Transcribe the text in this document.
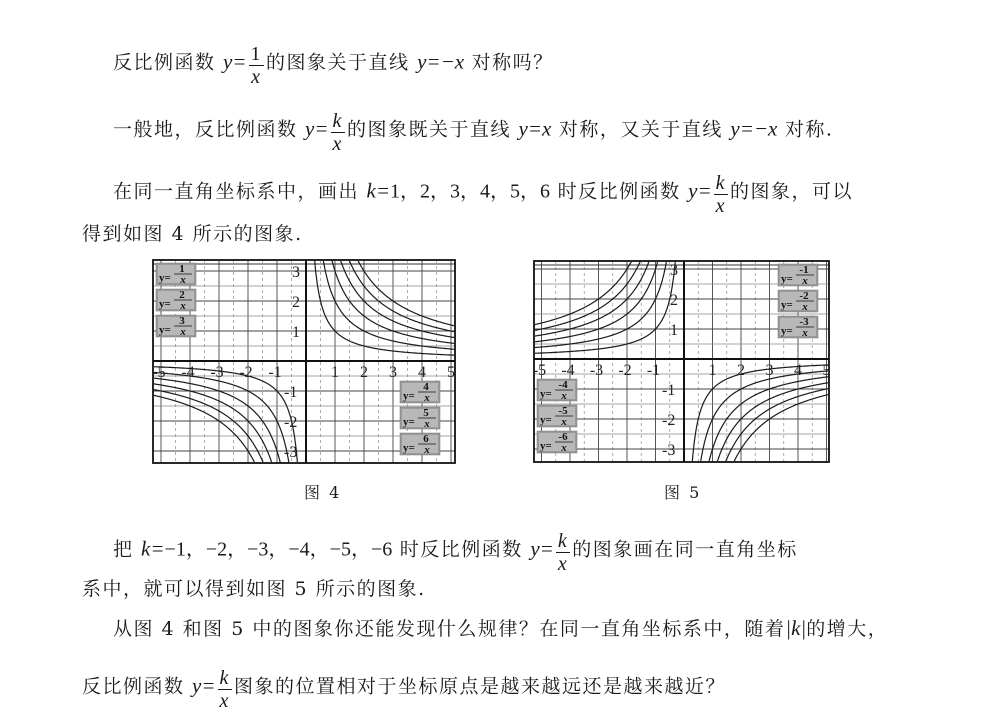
反比例函数 $y= \frac{1}{x}$ 的图象关于直线 y=−x 对称吗？
一般地，反比例函数 $y= \frac{k}{x}$ 的图象既关于直线 y=x 对称，又关于直线 y=−x 对称.
在同一直角坐标系中，画出 k=1，2，3，4，5，6 时反比例函数 $y= \frac{k}{x}$ 的图象，可以
得到如图 4 所示的图象.
-5 -4 -3 -2 -1	1 2 3 4 5
3
2
1
-1
-2
-3
y=
1
x
y=
2
x
y=
3
x
y=
4
x
y=
5
x
y=
6
x
图 4
-5 -4 -3 -2 -1	1 2 3 4 5
3
2
1
-1
-2
-3
y=
-1
x
y=
-2
x
y=
-3
x
y=
-4
x
y=
-5
x
y=
-6
x
图 5
把 k=−1，−2，−3，−4，−5，−6 时反比例函数 $y= \frac{k}{x}$ 的图象画在同一直角坐标
系中，就可以得到如图 5 所示的图象.
从图 4 和图 5 中的图象你还能发现什么规律？在同一直角坐标系中，随着|k|的增大，
反比例函数 $y= \frac{k}{x}$ 图象的位置相对于坐标原点是越来越远还是越来越近？
